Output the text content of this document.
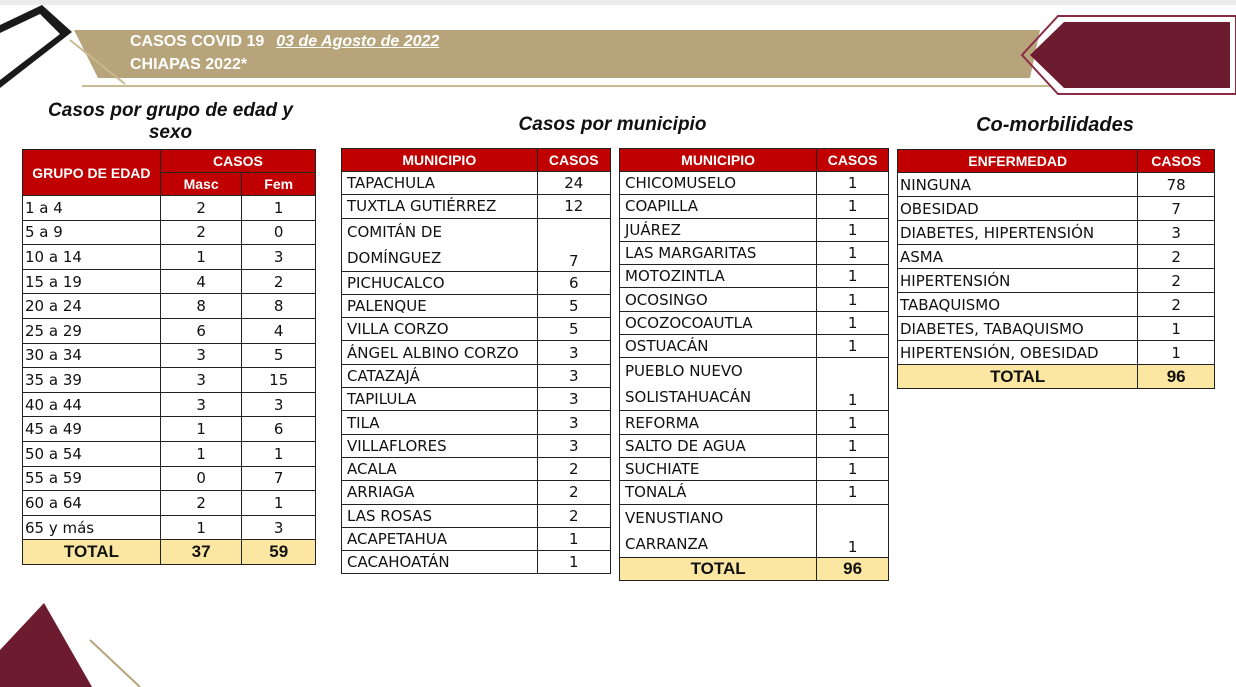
CASOS COVID 19 03 de Agosto de 2022
CHIAPAS 2022*
Casos por grupo de edad y sexo	Casos por municipio	Co-morbilidades
GRUPO DE EDAD	CASOS	
	Masc	Fem
1 a 4	2	1
5 a 9	2	0
10 a 14	1	3
15 a 19	4	2
20 a 24	8	8
25 a 29	6	4
30 a 34	3	5
35 a 39	3	15
40 a 44	3	3
45 a 49	1	6
50 a 54	1	1
55 a 59	0	7
60 a 64	2	1
65 y más	1	3
TOTAL	37	59
MUNICIPIO	CASOS
TAPACHULA	24
TUXTLA GUTIÉRREZ	12

COMITÁN DE
DOMÍNGUEZ	7
PICHUCALCO	6
PALENQUE	5
VILLA CORZO	5
ÁNGEL ALBINO CORZO	3
CATAZAJÁ	3
TAPILULA	3
TILA	3
VILLAFLORES	3
ACALA	2
ARRIAGA	2
LAS ROSAS	2
ACAPETAHUA	1
CACAHOATÁN	1
MUNICIPIO	CASOS
CHICOMUSELO	1
COAPILLA	1
JUÁREZ	1
LAS MARGARITAS	1
MOTOZINTLA	1
OCOSINGO	1
OCOZOCOAUTLA	1
OSTUACÁN	1

PUEBLO NUEVO
SOLISTAHUACÁN	1
REFORMA	1
SALTO DE AGUA	1
SUCHIATE	1
TONALÁ	1

VENUSTIANO
CARRANZA	1
TOTAL	96
ENFERMEDAD	CASOS
NINGUNA	78
OBESIDAD	7
DIABETES, HIPERTENSIÓN	3
ASMA	2
HIPERTENSIÓN	2
TABAQUISMO	2
DIABETES, TABAQUISMO	1
HIPERTENSIÓN, OBESIDAD	1
TOTAL	96
